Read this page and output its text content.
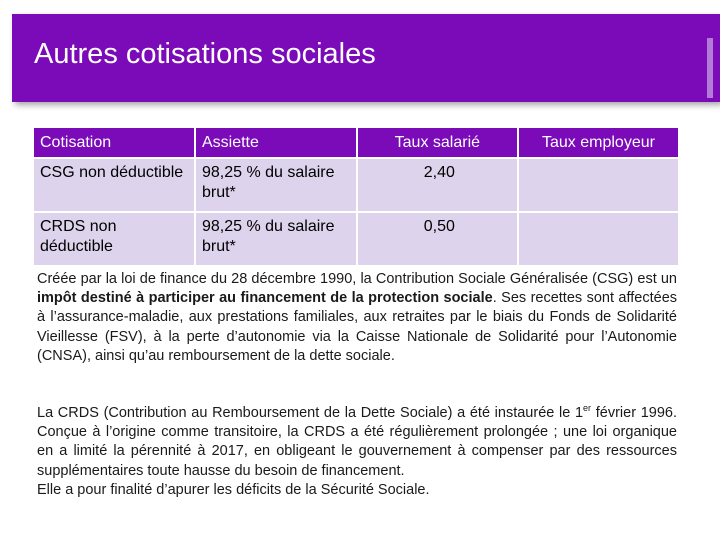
Autres cotisations sociales
Cotisation	Assiette	Taux salarié	Taux employeur
CSG non déductible	98,25 % du salaire brut*	2,40	
CRDS non déductible	98,25 % du salaire brut*	0,50	

Créée par la loi de finance du 28 décembre 1990, la Contribution Sociale Généralisée (CSG) est un impôt destiné à participer au financement de la protection sociale. Ses recettes sont affectées à l’assurance-maladie, aux prestations familiales, aux retraites par le biais du Fonds de Solidarité Vieillesse (FSV), à la perte d’autonomie via la Caisse Nationale de Solidarité pour l’Autonomie (CNSA), ainsi qu’au remboursement de la dette sociale.

La CRDS (Contribution au Remboursement de la Dette Sociale) a été instaurée le 1er février 1996. Conçue à l’origine comme transitoire, la CRDS a été régulièrement prolongée ; une loi organique en a limité la pérennité à 2017, en obligeant le gouvernement à compenser par des ressources supplémentaires toute hausse du besoin de financement.
Elle a pour finalité d’apurer les déficits de la Sécurité Sociale.
